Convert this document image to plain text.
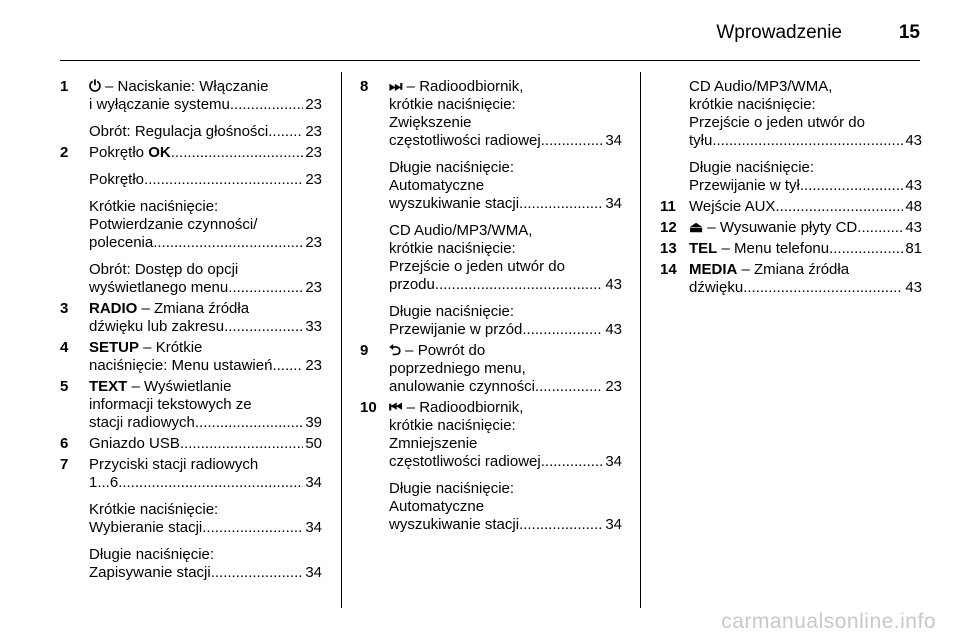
Wprowadzenie	15
1 ⏻ – Naciskanie: Włączanie
i wyłączanie systemu .....	23
Obrót: Regulacja głośności ..... 23
2 Pokrętło OK .....	23
Pokrętło .....	23
Krótkie naciśnięcie:
Potwierdzanie czynności/
polecenia .....	23
Obrót: Dostęp do opcji
wyświetlanego menu .....	23
3 RADIO – Zmiana źródła
dźwięku lub zakresu .....	33
4 SETUP – Krótkie
naciśnięcie: Menu ustawień ..... 23
5 TEXT – Wyświetlanie
informacji tekstowych ze
stacji radiowych .....	39
6 Gniazdo USB .....	50
7 Przyciski stacji radiowych
1...6 .....	34
Krótkie naciśnięcie:
Wybieranie stacji .....	34
Długie naciśnięcie:
Zapisywanie stacji .....	34
8 ⏭ – Radioodbiornik,
krótkie naciśnięcie:
Zwiększenie
częstotliwości radiowej .....	34
Długie naciśnięcie:
Automatyczne
wyszukiwanie stacji .....	34
CD Audio/MP3/WMA,
krótkie naciśnięcie:
Przejście o jeden utwór do
przodu .....	43
Długie naciśnięcie:
Przewijanie w przód .....	43
9 ⮌ – Powrót do
poprzedniego menu,
anulowanie czynności .....	23
10 ⏮ – Radioodbiornik,
krótkie naciśnięcie:
Zmniejszenie
częstotliwości radiowej .....	34
Długie naciśnięcie:
Automatyczne
wyszukiwanie stacji .....	34
CD Audio/MP3/WMA,
krótkie naciśnięcie:
Przejście o jeden utwór do
tyłu .....	43
Długie naciśnięcie:
Przewijanie w tył .....	43
11 Wejście AUX .....	48
12 ⏏ – Wysuwanie płyty CD .....	43
13 TEL – Menu telefonu .....	81
14 MEDIA – Zmiana źródła
dźwięku .....	43
carmanualsonline.info
